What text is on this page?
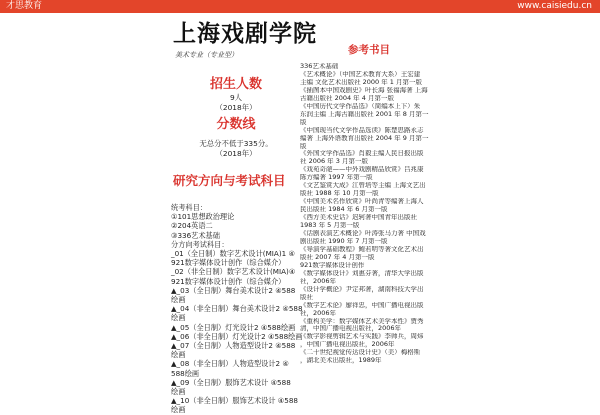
才思教育	www.caisiedu.cn
上海戏剧学院
美术专业（专业型）
招生人数
9人
（2018年）
分数线
无总分不低于335分。
（2018年）
研究方向与考试科目
统考科目：
①101思想政治理论
②204英语二
③336艺术基础
分方向考试科目：
_01（全日制）数字艺术设计(MIA)1 ④
921数字媒体设计创作（综合媒介）
_02（非全日制）数字艺术设计(MIA)④
921数字媒体设计创作（综合媒介）
▲_03（全日制）舞台美术设计2 ④588
绘画
▲_04（非全日制）舞台美术设计2 ④588
绘画
▲_05（全日制）灯光设计2 ④588绘画
▲_06（非全日制）灯光设计2 ④588绘画
▲_07（全日制）人物造型设计2 ④588
绘画
▲_08（非全日制）人物造型设计2 ④
588绘画
▲_09（全日制）服饰艺术设计 ④588
绘画
▲_10（非全日制）服饰艺术设计 ④588
绘画
参考书目
336艺术基础
《艺术概论》（中国艺术教育大系）王宏建
主编 文化艺术出版社 2000 年 1 月第一版
《插图本中国戏剧史》叶长海 张福海著 上海
古籍出版社 2004 年 4 月第一版
《中国历代文学作品选》（简编本上下）朱
东润主编 上海古籍出版社 2001 年 8 月第一
版
《中国现当代文学作品选读》陈楚思路永志
编著 上海外语教育出版社 2004 年 9 月第一
版
《外国文学作品选》肖毅主编人民日报出版
社 2006 年 3 月第一版
《戏苑奇葩——中外戏剧精品欣赏》吕兆康
陈方编著 1997 年第一版
《文艺鉴赏大成》江曾培等主编 上海文艺出
版社 1988 年 10 月第一版
《中国美术名作欣赏》叶尚青等编著上海人
民出版社 1984 年 6 月第一版
《西方美术史话》迟轲著中国青年出版社
1983 年 5 月第一版
《话剧表演艺术概论》叶涛张马力著 中国戏
剧出版社 1990 年 7 月第一版
《导演学基础教程》鲍若明等著文化艺术出
版社 2007 年 4 月第一版
921数字媒体设计创作
《数字媒体设计》刘惠芬著，清华大学出版
社，2006年
《设计学概论》尹定邦著，湖南科技大学出
版社
《数字艺术论》廖祥忠，中国广播电视出版
社，2006年
《重构美学：数字媒体艺术美学本性》贾秀
清，中国广播电视出版社，2006年
《数字影视剪辑艺术与实践》李帅兵，周炜
，中国广播电视出版社，2006年
《二十世纪视觉传达设计史》（美）梅格斯
，湖北美术出版社，1989年
